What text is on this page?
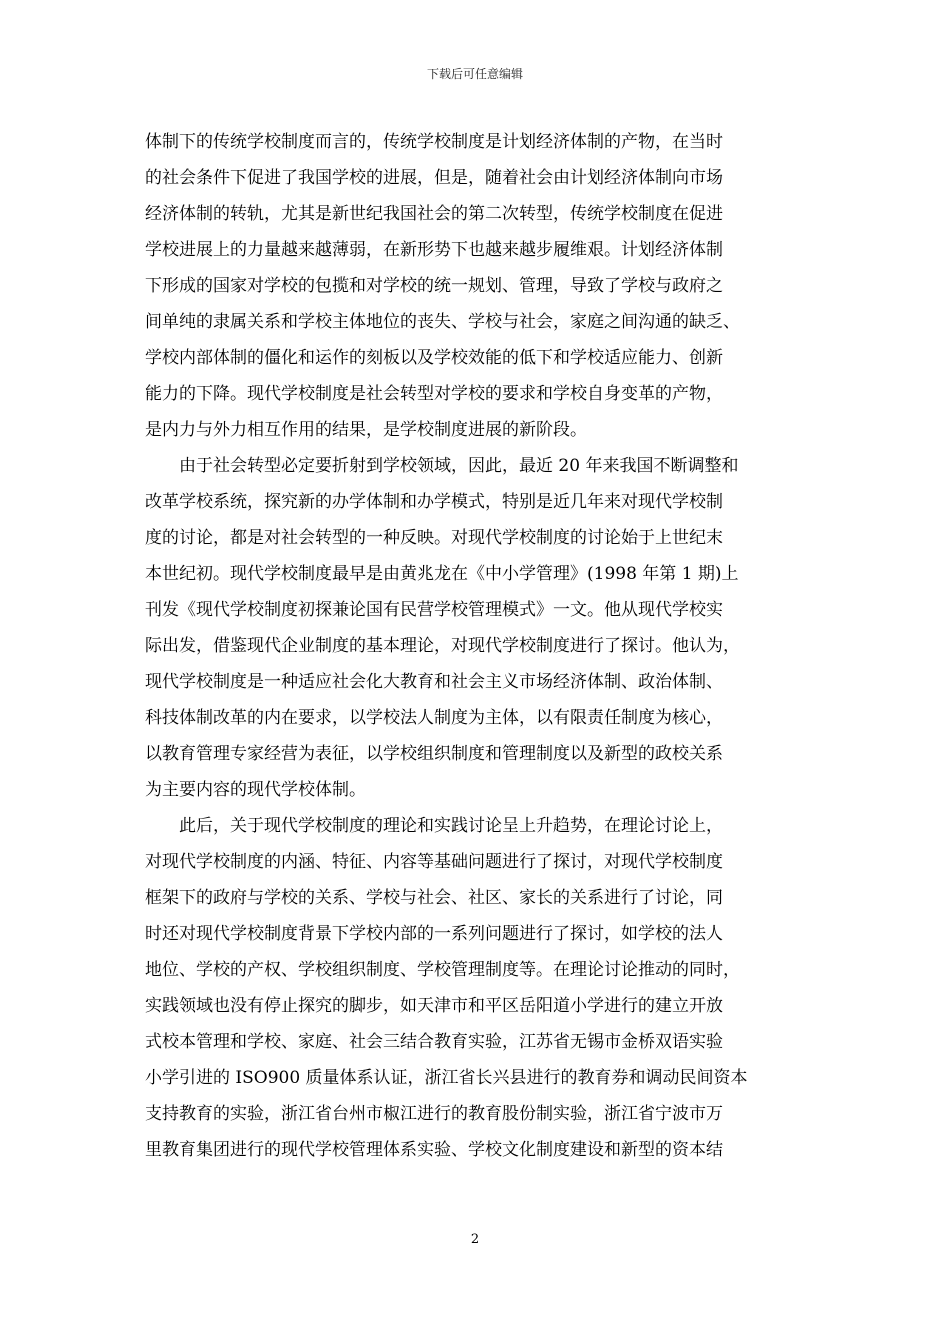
下载后可任意编辑
体制下的传统学校制度而言的，传统学校制度是计划经济体制的产物，在当时
的社会条件下促进了我国学校的进展，但是，随着社会由计划经济体制向市场
经济体制的转轨，尤其是新世纪我国社会的第二次转型，传统学校制度在促进
学校进展上的力量越来越薄弱，在新形势下也越来越步履维艰。计划经济体制
下形成的国家对学校的包揽和对学校的统一规划、管理，导致了学校与政府之
间单纯的隶属关系和学校主体地位的丧失、学校与社会，家庭之间沟通的缺乏、
学校内部体制的僵化和运作的刻板以及学校效能的低下和学校适应能力、创新
能力的下降。现代学校制度是社会转型对学校的要求和学校自身变革的产物，
是内力与外力相互作用的结果，是学校制度进展的新阶段。
由于社会转型必定要折射到学校领域，因此，最近 20 年来我国不断调整和
改革学校系统，探究新的办学体制和办学模式，特别是近几年来对现代学校制
度的讨论，都是对社会转型的一种反映。对现代学校制度的讨论始于上世纪末
本世纪初。现代学校制度最早是由黄兆龙在《中小学管理》(1998 年第 1 期)上
刊发《现代学校制度初探兼论国有民营学校管理模式》一文。他从现代学校实
际出发，借鉴现代企业制度的基本理论，对现代学校制度进行了探讨。他认为，
现代学校制度是一种适应社会化大教育和社会主义市场经济体制、政治体制、
科技体制改革的内在要求，以学校法人制度为主体，以有限责任制度为核心，
以教育管理专家经营为表征，以学校组织制度和管理制度以及新型的政校关系
为主要内容的现代学校体制。
此后，关于现代学校制度的理论和实践讨论呈上升趋势，在理论讨论上，
对现代学校制度的内涵、特征、内容等基础问题进行了探讨，对现代学校制度
框架下的政府与学校的关系、学校与社会、社区、家长的关系进行了讨论，同
时还对现代学校制度背景下学校内部的一系列问题进行了探讨，如学校的法人
地位、学校的产权、学校组织制度、学校管理制度等。在理论讨论推动的同时，
实践领域也没有停止探究的脚步，如天津市和平区岳阳道小学进行的建立开放
式校本管理和学校、家庭、社会三结合教育实验，江苏省无锡市金桥双语实验
小学引进的 ISO900 质量体系认证，浙江省长兴县进行的教育券和调动民间资本
支持教育的实验，浙江省台州市椒江进行的教育股份制实验，浙江省宁波市万
里教育集团进行的现代学校管理体系实验、学校文化制度建设和新型的资本结
2
